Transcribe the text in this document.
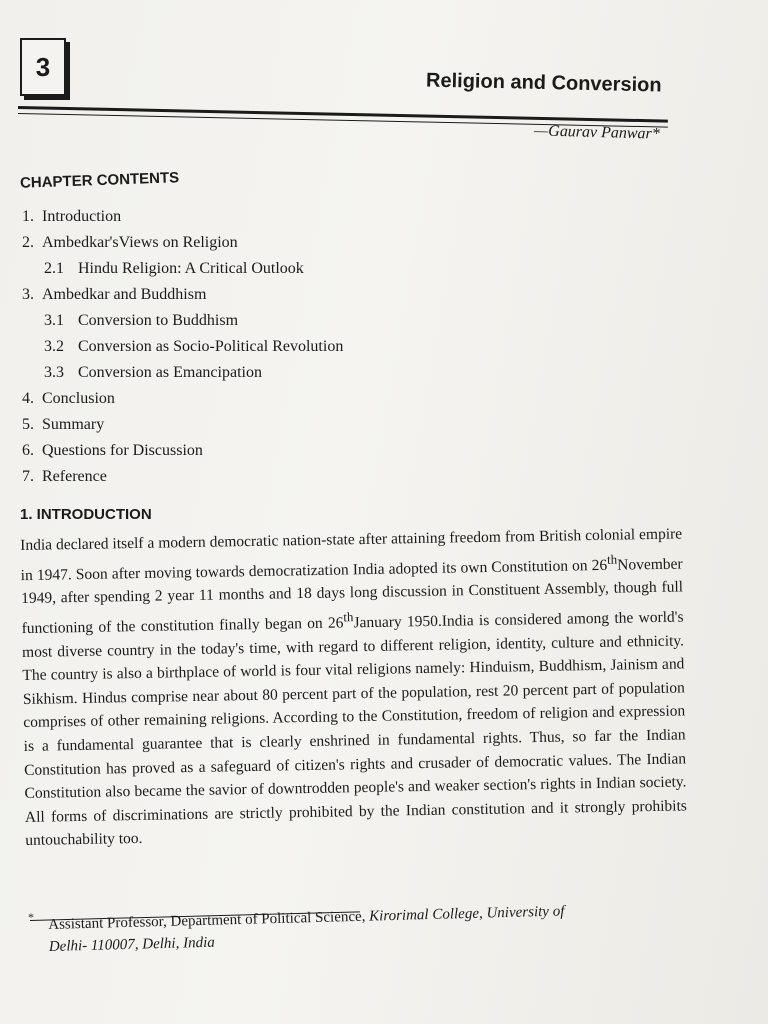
3
Religion and Conversion
—Gaurav Panwar*
CHAPTER CONTENTS
1. Introduction
2. Ambedkar'sViews on Religion
2.1 Hindu Religion: A Critical Outlook
3. Ambedkar and Buddhism
3.1 Conversion to Buddhism
3.2 Conversion as Socio-Political Revolution
3.3 Conversion as Emancipation
4. Conclusion
5. Summary
6. Questions for Discussion
7. Reference
1. INTRODUCTION
India declared itself a modern democratic nation-state after attaining freedom from British colonial empire in 1947. Soon after moving towards democratization India adopted its own Constitution on 26thNovember 1949, after spending 2 year 11 months and 18 days long discussion in Constituent Assembly, though full functioning of the constitution finally began on 26thJanuary 1950.India is considered among the world's most diverse country in the today's time, with regard to different religion, identity, culture and ethnicity. The country is also a birthplace of world is four vital religions namely: Hinduism, Buddhism, Jainism and Sikhism. Hindus comprise near about 80 percent part of the population, rest 20 percent part of population comprises of other remaining religions. According to the Constitution, freedom of religion and expression is a fundamental guarantee that is clearly enshrined in fundamental rights. Thus, so far the Indian Constitution has proved as a safeguard of citizen's rights and crusader of democratic values. The Indian Constitution also became the savior of downtrodden people's and weaker section's rights in Indian society. All forms of discriminations are strictly prohibited by the Indian constitution and it strongly prohibits untouchability too.
* Assistant Professor, Department of Political Science, Kirorimal College, University of
Delhi- 110007, Delhi, India
